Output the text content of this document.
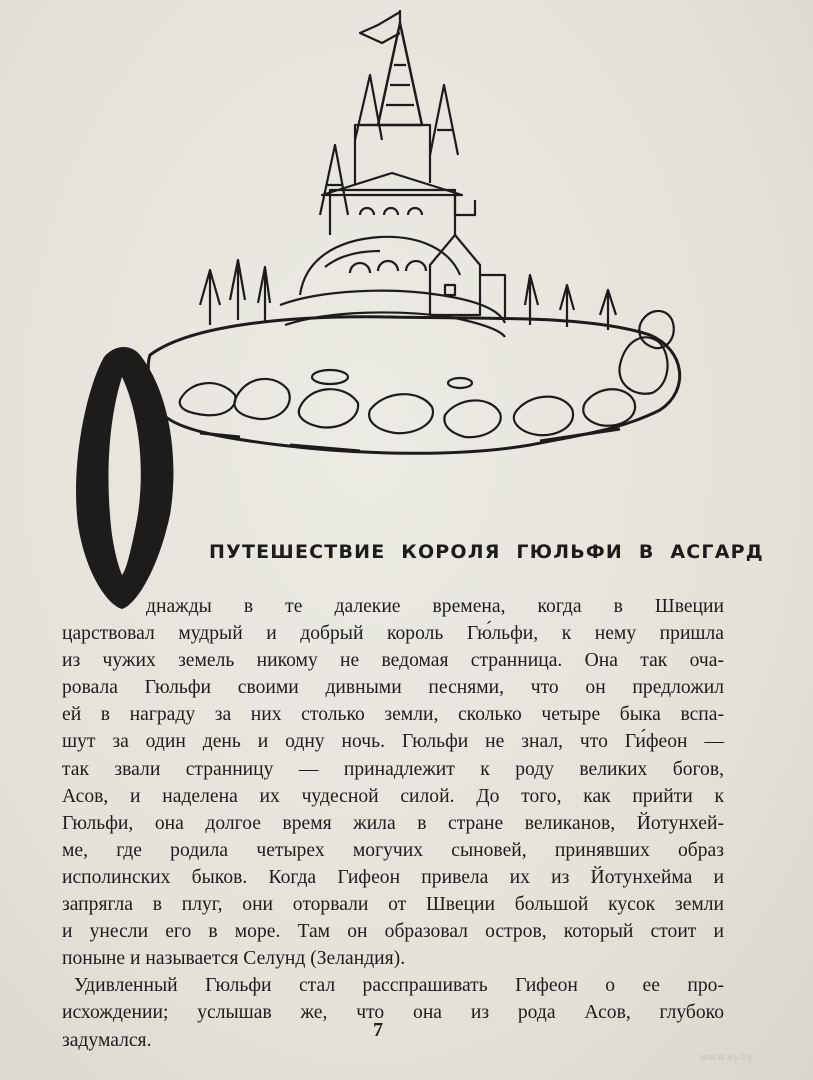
ПУТЕШЕСТВИЕ КОРОЛЯ ГЮЛЬФИ В АСГАРД
днажды в те далекие времена, когда в Швеции
царствовал мудрый и добрый король Гю́льфи, к нему пришла
из чужих земель никому не ведомая странница. Она так оча-
ровала Гюльфи своими дивными песнями, что он предложил
ей в награду за них столько земли, сколько четыре быка вспа-
шут за один день и одну ночь. Гюльфи не знал, что Ги́феон —
так звали странницу — принадлежит к роду великих богов,
Асов, и наделена их чудесной силой. До того, как прийти к
Гюльфи, она долгое время жила в стране великанов, Йотунхей-
ме, где родила четырех могучих сыновей, принявших образ
исполинских быков. Когда Гифеон привела их из Йотунхейма и
запрягла в плуг, они оторвали от Швеции большой кусок земли
и унесли его в море. Там он образовал остров, который стоит и
поныне и называется Селунд (Зеландия).
Удивленный Гюльфи стал расспрашивать Гифеон о ее про-
исхождении; услышав же, что она из рода Асов, глубоко
задумался.	7
www.ay.by
